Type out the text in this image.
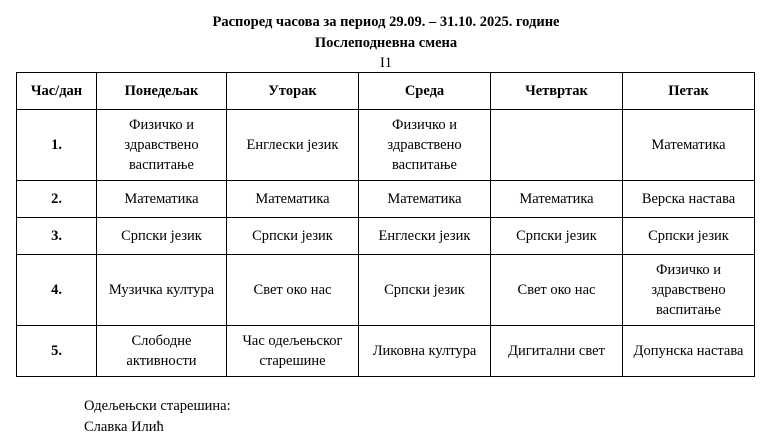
Распоред часова за период 29.09. – 31.10. 2025. године
Послеподневна смена
I1
Час/дан	Понедељак	Уторак	Среда	Четвртак	Петак
1.	Физичко и здравствено васпитање	Енглески језик	Физичко и здравствено васпитање		Математика
2.	Математика	Математика	Математика	Математика	Верска настава
3.	Српски језик	Српски језик	Енглески језик	Српски језик	Српски језик
4.	Музичка култура	Свет око нас	Српски језик	Свет око нас	Физичко и здравствено васпитање
5.	Слободне активности	Час одељењског старешине	Ликовна култура	Дигитални свет	Допунска настава
Одељењски старешина:
Славка Илић
